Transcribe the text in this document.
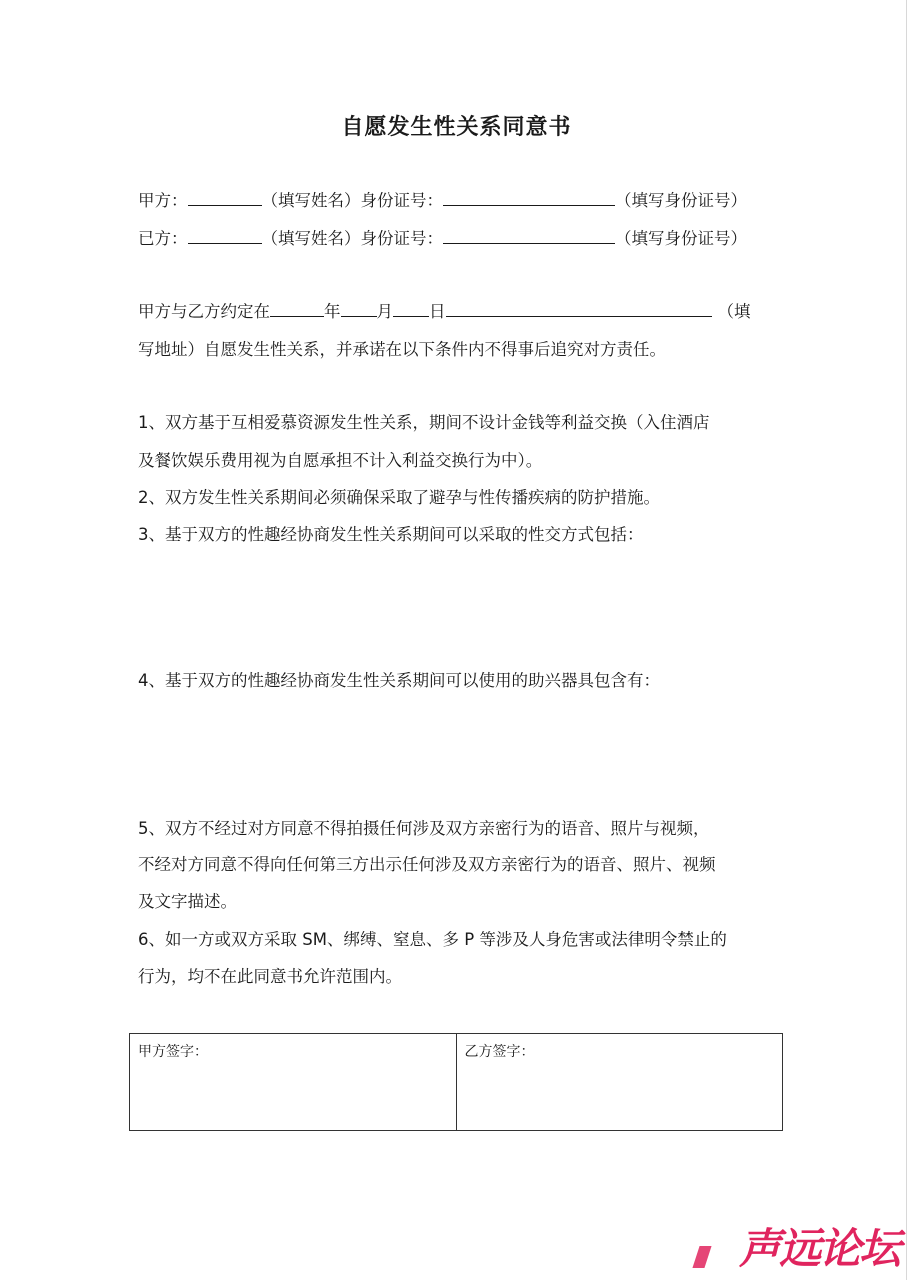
自愿发生性关系同意书
甲方：	（填写姓名）身份证号：	（填写身份证号）
已方：	（填写姓名）身份证号：	（填写身份证号）
甲方与乙方约定在	年 月 日	（填
写地址）自愿发生性关系，并承诺在以下条件内不得事后追究对方责任。
1、双方基于互相爱慕资源发生性关系，期间不设计金钱等利益交换（入住酒店
及餐饮娱乐费用视为自愿承担不计入利益交换行为中）。
2、双方发生性关系期间必须确保采取了避孕与性传播疾病的防护措施。
3、基于双方的性趣经协商发生性关系期间可以采取的性交方式包括：
4、基于双方的性趣经协商发生性关系期间可以使用的助兴器具包含有：
5、双方不经过对方同意不得拍摄任何涉及双方亲密行为的语音、照片与视频，
不经对方同意不得向任何第三方出示任何涉及双方亲密行为的语音、照片、视频
及文字描述。
6、如一方或双方采取 SM、绑缚、窒息、多 P 等涉及人身危害或法律明令禁止的
行为，均不在此同意书允许范围内。
甲方签字：	乙方签字：
声远论坛
